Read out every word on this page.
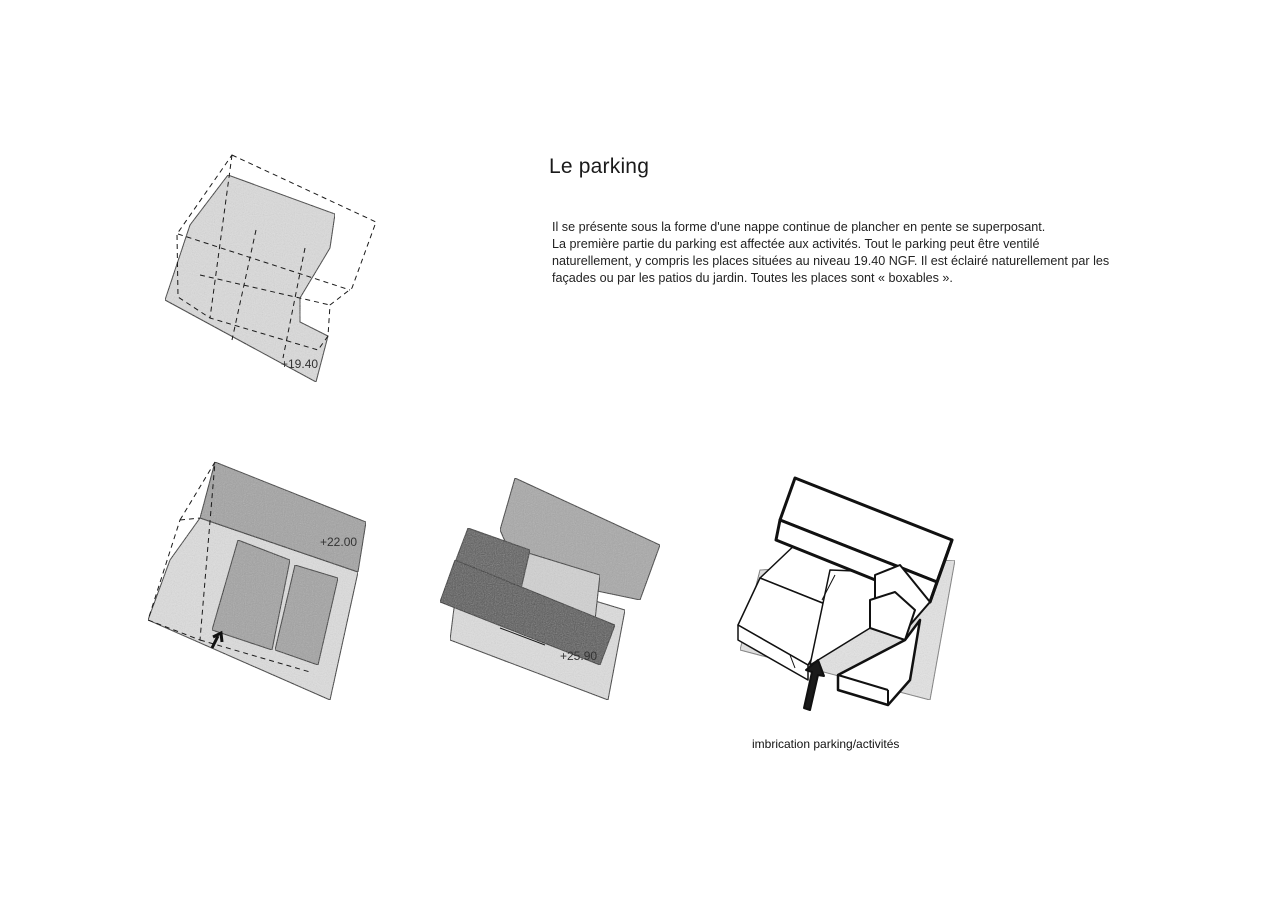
Le parking
Il se présente sous la forme d'une nappe continue de plancher en pente se superposant.
La première partie du parking est affectée aux activités. Tout le parking peut être ventilé
naturellement, y compris les places situées au niveau 19.40 NGF. Il est éclairé naturellement par les
façades ou par les patios du jardin. Toutes les places sont « boxables ».
+19.40
+22.00
+25.90
imbrication parking/activités
